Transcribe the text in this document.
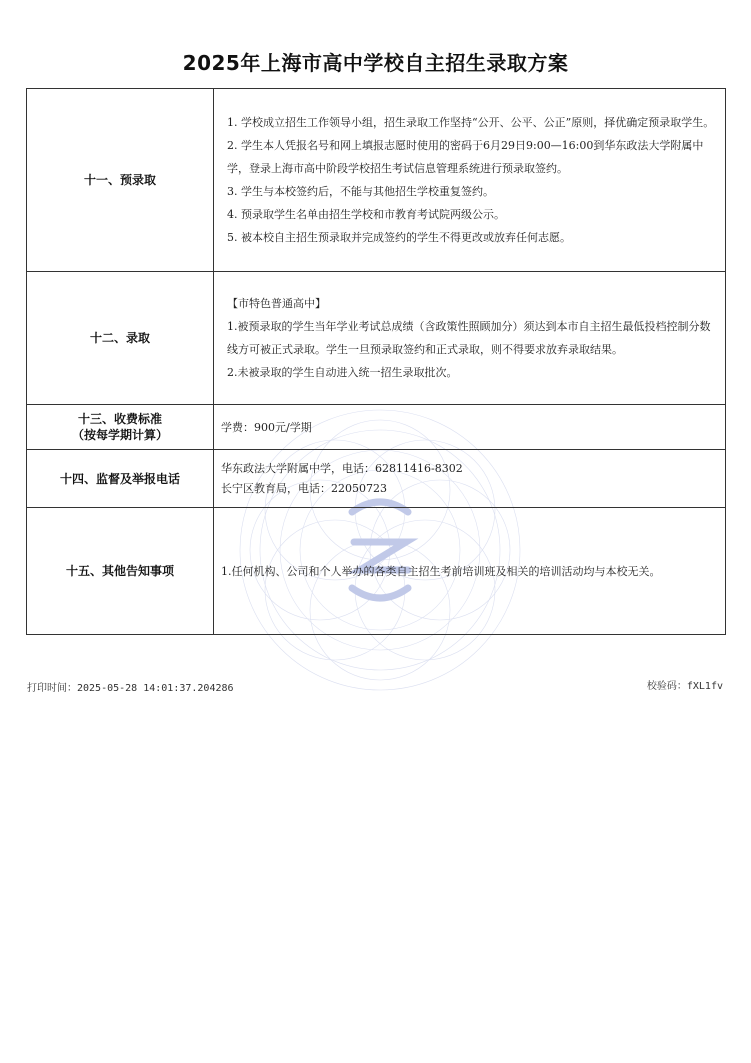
2025年上海市高中学校自主招生录取方案
十一、预录取	1. 学校成立招生工作领导小组，招生录取工作坚持“公开、公平、公正”原则，择优确定预录取学生。
2. 学生本人凭报名号和网上填报志愿时使用的密码于6月29日9:00—16:00到华东政法大学附属中学，登录上海市高中阶段学校招生考试信息管理系统进行预录取签约。
3. 学生与本校签约后，不能与其他招生学校重复签约。
4. 预录取学生名单由招生学校和市教育考试院两级公示。
5. 被本校自主招生预录取并完成签约的学生不得更改或放弃任何志愿。

十二、录取	【市特色普通高中】
1.被预录取的学生当年学业考试总成绩（含政策性照顾加分）须达到本市自主招生最低投档控制分数线方可被正式录取。学生一旦预录取签约和正式录取，则不得要求放弃录取结果。
2.未被录取的学生自动进入统一招生录取批次。

十三、收费标准
（按每学期计算）	学费：900元/学期

十四、监督及举报电话	华东政法大学附属中学，电话：62811416-8302
长宁区教育局，电话：22050723

十五、其他告知事项	1.任何机构、公司和个人举办的各类自主招生考前培训班及相关的培训活动均与本校无关。
打印时间：2025-05-28 14:01:37.204286	校验码：fXL1fv
